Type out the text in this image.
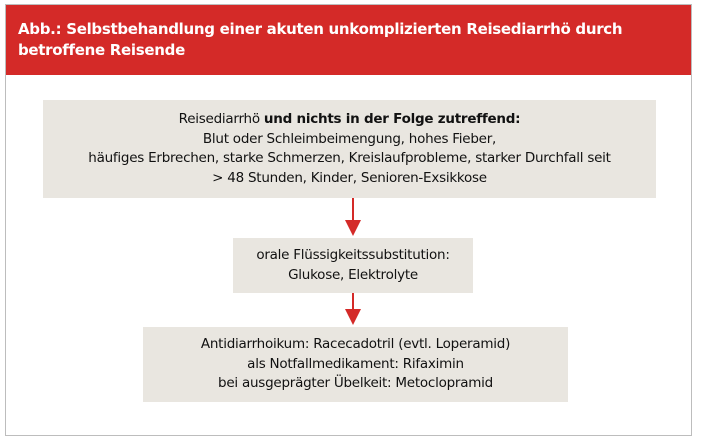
Abb.: Selbstbehandlung einer akuten unkomplizierten Reisediarrhö durch
betroffene Reisende
Reisediarrhö und nichts in der Folge zutreffend:
Blut oder Schleimbeimengung, hohes Fieber,
häufiges Erbrechen, starke Schmerzen, Kreislaufprobleme, starker Durchfall seit
> 48 Stunden, Kinder, Senioren-Exsikkose
orale Flüssigkeitssubstitution:
Glukose, Elektrolyte
Antidiarrhoikum: Racecadotril (evtl. Loperamid)
als Notfallmedikament: Rifaximin
bei ausgeprägter Übelkeit: Metoclopramid
